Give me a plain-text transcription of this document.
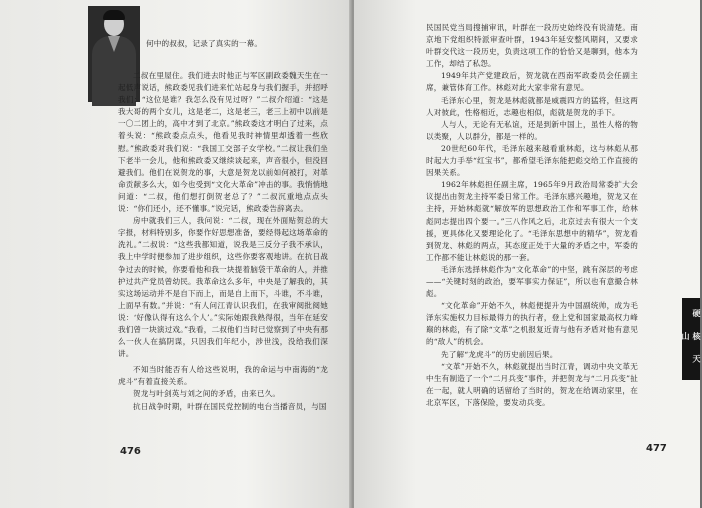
何中的叔叔，记录了真实的一幕。

二叔在里屋住。我们进去时他正与军区副政委魏天生在一起低声说话，熊政委见我们进来忙站起身与我们握手，并招呼我们：“这位是谁？我怎么没有见过呀？”二叔介绍道：“这是我大哥的两个女儿，这是老二，这是老三，老三上初中以前是一〇二团上的，高中才到了北京。”熊政委这才明白了过来，点着头说：“熊政委点点头，他看见我时神情里却透着一些欣慰。”熊政委对我们说：“我国工交部子女学校。”二叔让我们坐下老半一会儿，他和熊政委又继续谈起来，声音很小，但没回避我们。他们在说贺龙的事，大意是贺龙以前如何被打，对革命贡献多么大，如今也受到“文化大革命”冲击的事。我悄悄地问道：“二叔，他们想打倒贺老总了？”二叔沉重地点点头说：“你们还小，还不懂事。”说完话，熊政委告辞离去。

房中就我们三人，我问说：“二叔，现在外面贴贺总的大字报，材料特别多，你要作好思想准备，要经得起这场革命的洗礼。”二叔说：“这些我都知道，说我是三反分子我不承认，我上中学时便参加了进步组织，这些你要客观地讲。在抗日战争过去的时候，你要看他和我一块提着脑袋干革命的人，并推护过共产党员曾幼民。我革命这么多年，中央是了解我的，其实这场运动并不是自下而上，而是自上而下，斗谁，不斗谁，上面早有数。”并说：“有人问江青认识我们，在我审阅批阅她说：‘好像认得有这么个人’。”实际她跟我熟得很，当年在延安我们曾一块演过戏。”我看，二叔他们当时已觉察到了中央有那么一伙人在搞阴谋，只因我们年纪小，涉世浅，没给我们深讲。

不知当时能否有人给这些说明，我的命运与中南海的“龙虎斗”有着直接关系。

贺龙与叶剑英与刘之间的矛盾，由来已久。

抗日战争时期，叶群在国民党控制的电台当播音员，与国

476

民国民党当局搜捕审讯，叶群在一段历史始终没有说清楚。南京地下党组织特派审查叶群，1943年延安整风期间，又要求叶群交代这一段历史，负责这项工作的恰恰又是聊到，他本为工作，却结了私怨。

1949年共产党建政后，贺龙就在西南军政委员会任副主席，兼管体育工作。林彪对此大家非常有意见。

毛泽东心里，贺龙是林彪就都是威震四方的猛将，但这两人对彼此，性格相近，志趣也相似，彪就是贺龙的手下。

人与人，无论有无私谊，还是到新中国上，虽性人格的物以类聚，人以群分，都是一样的。

20世纪60年代，毛泽东越来越看重林彪，这与林彪从那时起大力手举“红宝书”，都希望毛泽东能把彪交给工作直接的因果关系。

1962年林彪担任副主席，1965年9月政治局常委扩大会议提出由贺龙主持军委日常工作。毛泽东感兴趣地，贺龙又在主持，开始林彪就“解放军的思想政治工作和军事工作，给林彪同志提出四个要一。”三八作风之后，北京过去有很大一个支援，更具体化又要理论化了。“毛泽东思想中的精华”，贺龙看到贺龙、林彪的两点，其态度正处于大量的矛盾之中，军委的工作都不能让林彪说的那一套。

毛泽东选择林彪作为“文化革命”的中坚，跳有深层的考虑——“关键时刻的政治，要军事实力保证”，所以也有意撮合林彪。

“文化革命”开始不久，林彪便提升为中国副统帅，成为毛泽东实施权力目标最得力的执行者，登上党和国家最高权力峰巅的林彪，有了除“文革”之机报复近青与他有矛盾对他有意见的“敌人”的机会。

先了解“龙虎斗”的历史前因后果。

“文革”开始不久，林彪就提出当时江青，调动中央文革无中生有制造了一个“二月兵变”事件，并把贺龙与“二月兵变”扯在一起，就人明确的话留给了当时的，贺龙在给调动家里，在北京军区，下落保险，要发动兵变。

477
硬 核 天 山
